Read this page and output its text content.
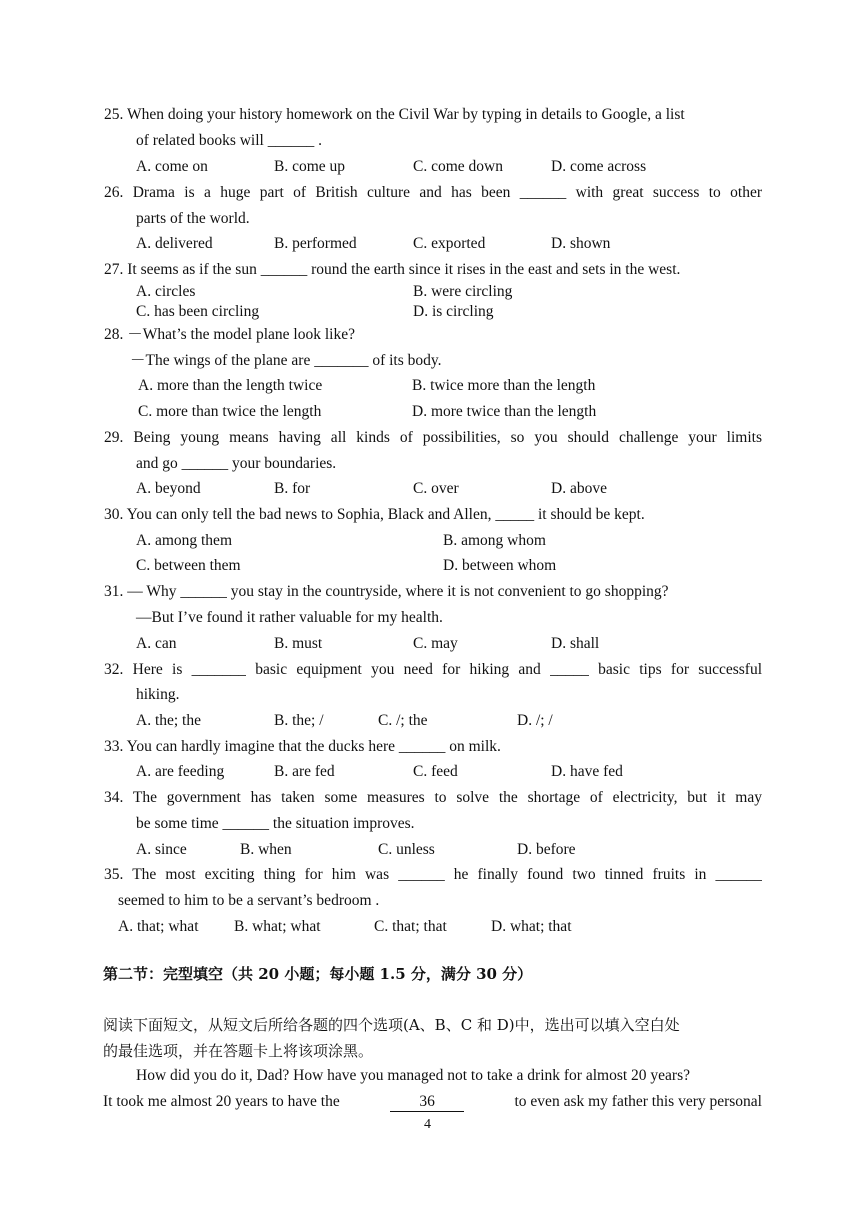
25. When doing your history homework on the Civil War by typing in details to Google, a list
of related books will ______ .
A. come on	B. come up	C. come down	D. come across
26. Drama is a huge part of British culture and has been ______ with great success to other
parts of the world.
A. delivered	B. performed	C. exported	D. shown
27. It seems as if the sun ______ round the earth since it rises in the east and sets in the west.
A. circles	B. were circling
C. has been circling	D. is circling
28. －What’s the model plane look like?
－The wings of the plane are _______ of its body.
A. more than the length twice	B. twice more than the length
C. more than twice the length	D. more twice than the length
29. Being young means having all kinds of possibilities, so you should challenge your limits
and go ______ your boundaries.
A. beyond	B. for	C. over	D. above
30. You can only tell the bad news to Sophia, Black and Allen, _____ it should be kept.
A. among them	B. among whom
C. between them	D. between whom
31. ― Why ______ you stay in the countryside, where it is not convenient to go shopping?
―But I’ve found it rather valuable for my health.
A. can	B. must	C. may	D. shall
32. Here is _______ basic equipment you need for hiking and _____ basic tips for successful
hiking.
A. the; the	B. the; /	C. /; the	D. /; /
33. You can hardly imagine that the ducks here ______ on milk.
A. are feeding	B. are fed	C. feed	D. have fed
34. The government has taken some measures to solve the shortage of electricity, but it may
be some time ______ the situation improves.
A. since	B. when	C. unless	D. before
35. The most exciting thing for him was ______ he finally found two tinned fruits in ______
seemed to him to be a servant’s bedroom .
A. that; what B. what; what	C. that; that	D. what; that
第二节：完型填空（共 20 小题；每小题 1.5 分，满分 30 分）
阅读下面短文，从短文后所给各题的四个选项(A、B、C 和 D)中，选出可以填入空白处
的最佳选项，并在答题卡上将该项涂黑。
How did you do it, Dad? How have you managed not to take a drink for almost 20 years?
It took me almost 20 years to have the	36	to even ask my father this very personal
4
